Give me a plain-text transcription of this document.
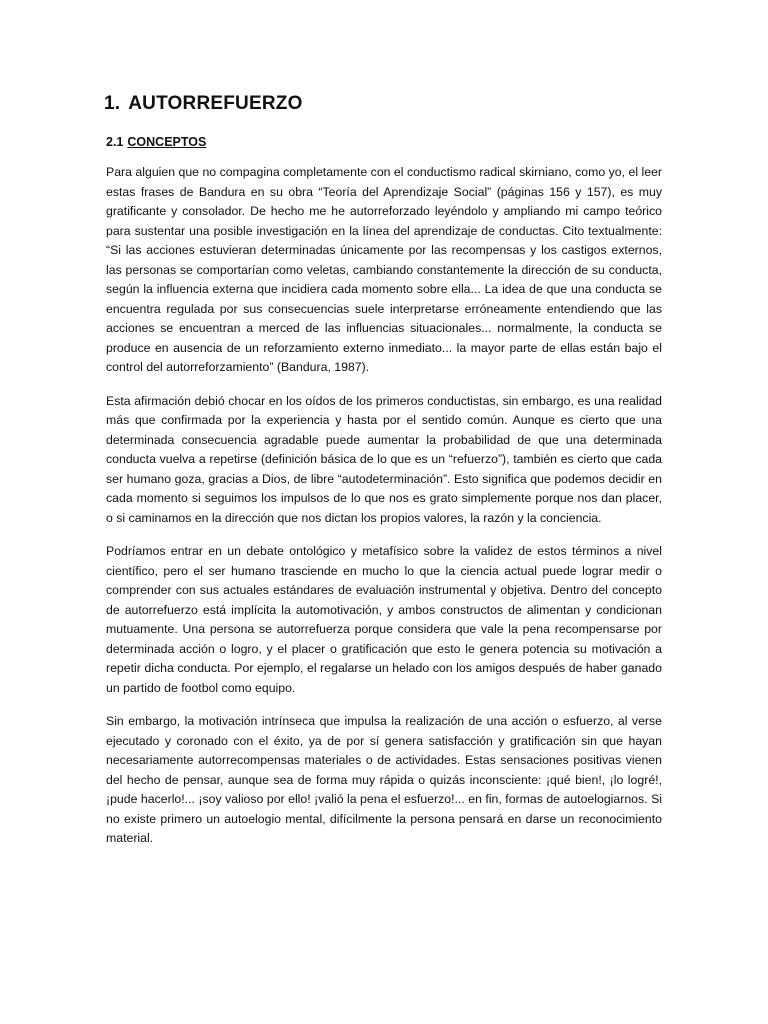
1. AUTORREFUERZO
2.1 CONCEPTOS

Para alguien que no compagina completamente con el conductismo radical skirniano, como yo, el leer estas frases de Bandura en su obra “Teoría del Aprendizaje Social” (páginas 156 y 157), es muy gratificante y consolador. De hecho me he autorreforzado leyéndolo y ampliando mi campo teórico para sustentar una posible investigación en la línea del aprendizaje de conductas. Cito textualmente: “Si las acciones estuvieran determinadas únicamente por las recompensas y los castigos externos, las personas se comportarían como veletas, cambiando constantemente la dirección de su conducta, según la influencia externa que incidiera cada momento sobre ella... La idea de que una conducta se encuentra regulada por sus consecuencias suele interpretarse erróneamente entendiendo que las acciones se encuentran a merced de las influencias situacionales... normalmente, la conducta se produce en ausencia de un reforzamiento externo inmediato... la mayor parte de ellas están bajo el control del autorreforzamiento” (Bandura, 1987).

Esta afirmación debió chocar en los oídos de los primeros conductistas, sin embargo, es una realidad más que confirmada por la experiencia y hasta por el sentido común. Aunque es cierto que una determinada consecuencia agradable puede aumentar la probabilidad de que una determinada conducta vuelva a repetirse (definición básica de lo que es un “refuerzo”), también es cierto que cada ser humano goza, gracias a Dios, de libre “autodeterminación”. Esto significa que podemos decidir en cada momento si seguimos los impulsos de lo que nos es grato simplemente porque nos dan placer, o si caminamos en la dirección que nos dictan los propios valores, la razón y la conciencia.

Podríamos entrar en un debate ontológico y metafísico sobre la validez de estos términos a nivel científico, pero el ser humano trasciende en mucho lo que la ciencia actual puede lograr medir o comprender con sus actuales estándares de evaluación instrumental y objetiva. Dentro del concepto de autorrefuerzo está implícita la automotivación, y ambos constructos de alimentan y condicionan mutuamente. Una persona se autorrefuerza porque considera que vale la pena recompensarse por determinada acción o logro, y el placer o gratificación que esto le genera potencia su motivación a repetir dicha conducta. Por ejemplo, el regalarse un helado con los amigos después de haber ganado un partido de footbol como equipo.

Sin embargo, la motivación intrínseca que impulsa la realización de una acción o esfuerzo, al verse ejecutado y coronado con el éxito, ya de por sí genera satisfacción y gratificación sin que hayan necesariamente autorrecompensas materiales o de actividades. Estas sensaciones positivas vienen del hecho de pensar, aunque sea de forma muy rápida o quizás inconsciente: ¡qué bien!, ¡lo logré!, ¡pude hacerlo!... ¡soy valioso por ello! ¡valió la pena el esfuerzo!... en fin, formas de autoelogiarnos. Si no existe primero un autoelogio mental, difícilmente la persona pensará en darse un reconocimiento material.
